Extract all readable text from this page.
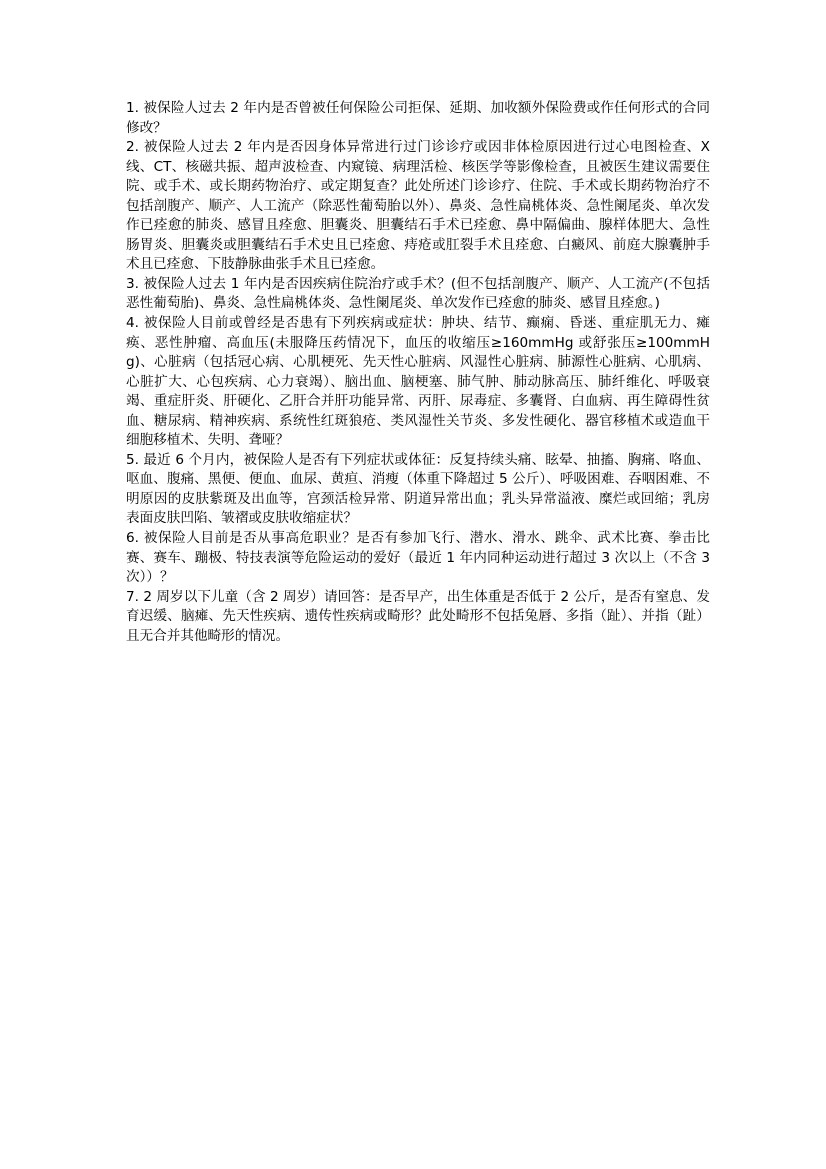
1. 被保险人过去 2 年内是否曾被任何保险公司拒保、延期、加收额外保险费或作任何形式的合同修改？
2. 被保险人过去 2 年内是否因身体异常进行过门诊诊疗或因非体检原因进行过心电图检查、X 线、CT、核磁共振、超声波检查、内窥镜、病理活检、核医学等影像检查，且被医生建议需要住院、或手术、或长期药物治疗、或定期复查？此处所述门诊诊疗、住院、手术或长期药物治疗不包括剖腹产、顺产、人工流产（除恶性葡萄胎以外）、鼻炎、急性扁桃体炎、急性阑尾炎、单次发作已痊愈的肺炎、感冒且痊愈、胆囊炎、胆囊结石手术已痊愈、鼻中隔偏曲、腺样体肥大、急性肠胃炎、胆囊炎或胆囊结石手术史且已痊愈、痔疮或肛裂手术且痊愈、白癜风、前庭大腺囊肿手术且已痊愈、下肢静脉曲张手术且已痊愈。
3. 被保险人过去 1 年内是否因疾病住院治疗或手术？(但不包括剖腹产、顺产、人工流产(不包括恶性葡萄胎)、鼻炎、急性扁桃体炎、急性阑尾炎、单次发作已痊愈的肺炎、感冒且痊愈。)
4. 被保险人目前或曾经是否患有下列疾病或症状：肿块、结节、癫痫、昏迷、重症肌无力、瘫痪、恶性肿瘤、高血压(未服降压药情况下，血压的收缩压≥160mmHg 或舒张压≥100mmHg)、心脏病（包括冠心病、心肌梗死、先天性心脏病、风湿性心脏病、肺源性心脏病、心肌病、心脏扩大、心包疾病、心力衰竭）、脑出血、脑梗塞、肺气肿、肺动脉高压、肺纤维化、呼吸衰竭、重症肝炎、肝硬化、乙肝合并肝功能异常、丙肝、尿毒症、多囊肾、白血病、再生障碍性贫血、糖尿病、精神疾病、系统性红斑狼疮、类风湿性关节炎、多发性硬化、器官移植术或造血干细胞移植术、失明、聋哑？
5. 最近 6 个月内，被保险人是否有下列症状或体征：反复持续头痛、眩晕、抽搐、胸痛、咯血、呕血、腹痛、黑便、便血、血尿、黄疸、消瘦（体重下降超过 5 公斤）、呼吸困难、吞咽困难、不明原因的皮肤紫斑及出血等，宫颈活检异常、阴道异常出血；乳头异常溢液、糜烂或回缩；乳房表面皮肤凹陷、皱褶或皮肤收缩症状？
6. 被保险人目前是否从事高危职业？是否有参加飞行、潜水、滑水、跳伞、武术比赛、拳击比赛、赛车、蹦极、特技表演等危险运动的爱好（最近 1 年内同种运动进行超过 3 次以上（不含 3 次））？
7. 2 周岁以下儿童（含 2 周岁）请回答：是否早产，出生体重是否低于 2 公斤，是否有窒息、发育迟缓、脑瘫、先天性疾病、遗传性疾病或畸形？此处畸形不包括兔唇、多指（趾）、并指（趾）且无合并其他畸形的情况。
